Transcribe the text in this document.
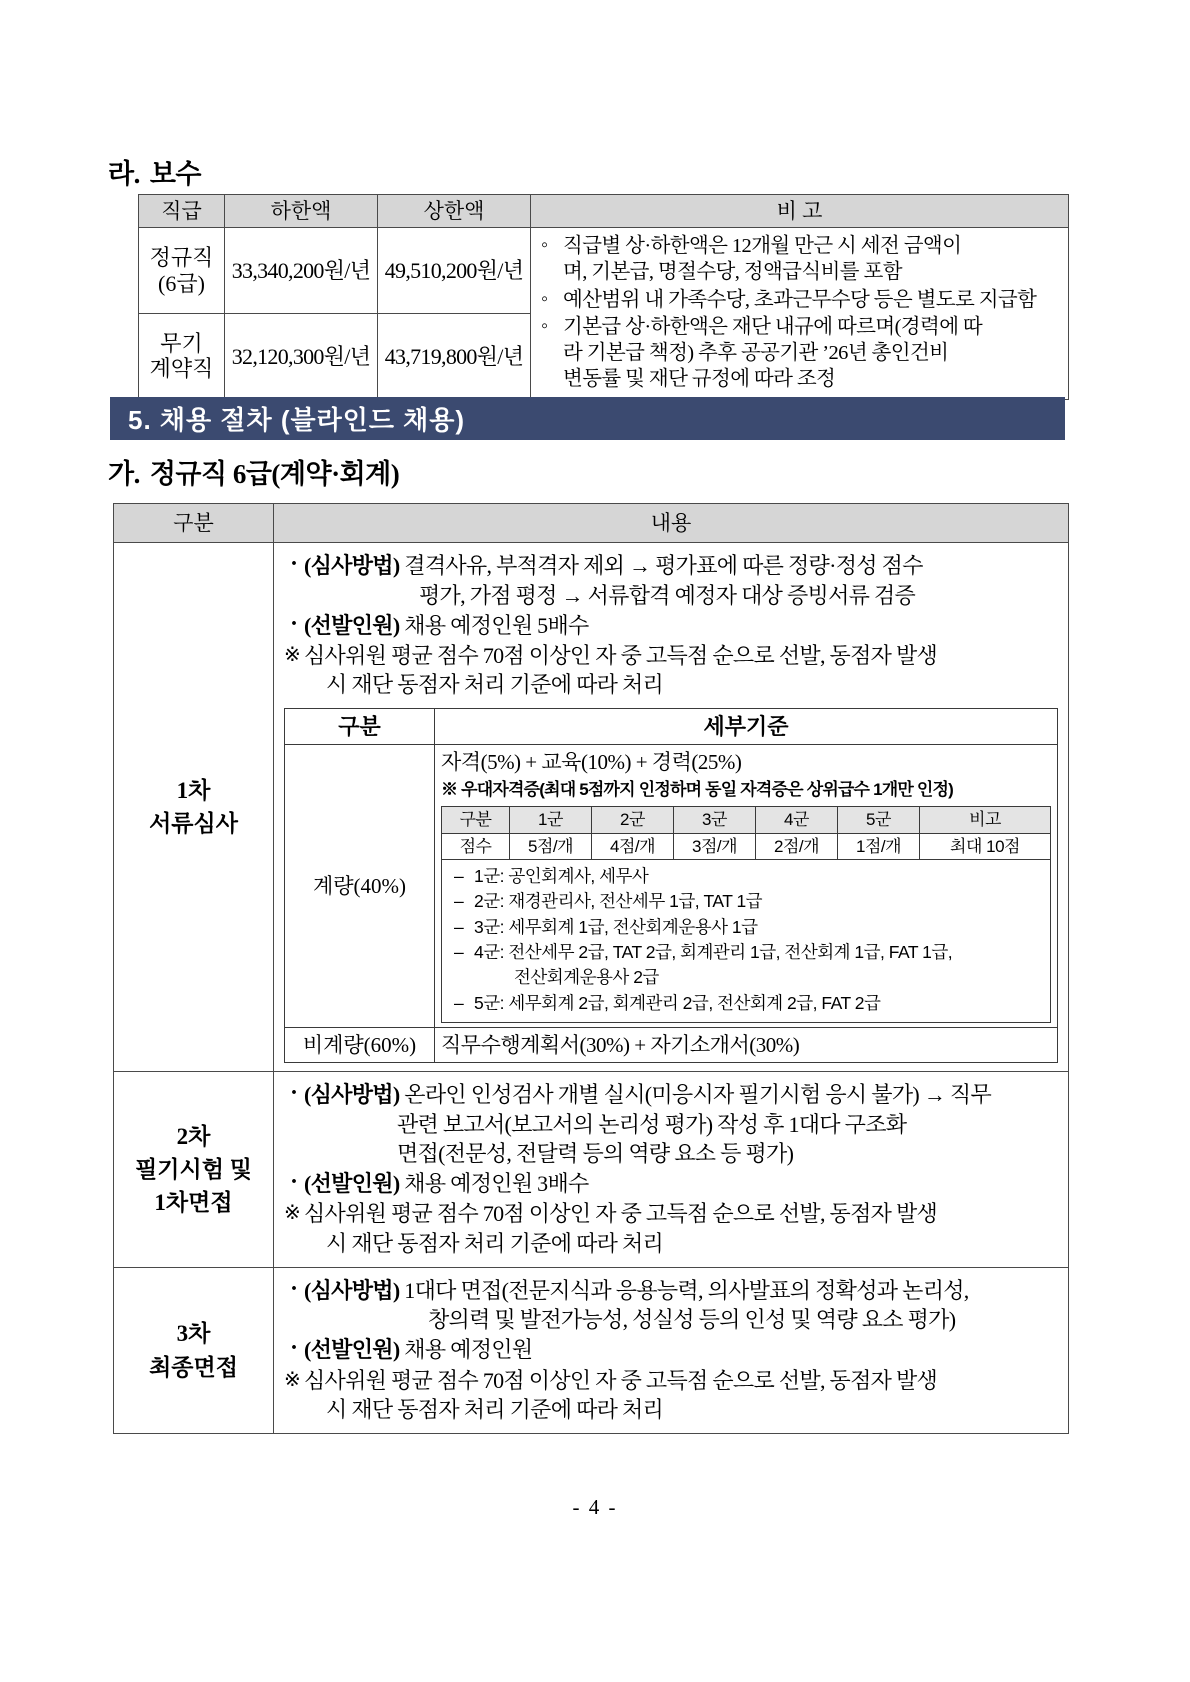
라. 보수
직급	하한액	상한액	비 고
정규직
(6급)	33,340,200원/년	49,510,200원/년	
◦ 직급별 상·하한액은 12개월 만근 시 세전 금액이
며, 기본급, 명절수당, 정액급식비를 포함
◦ 예산범위 내 가족수당, 초과근무수당 등은 별도로 지급함
◦ 기본급 상·하한액은 재단 내규에 따르며(경력에 따
라 기본급 책정) 추후 공공기관 ’26년 총인건비
변동률 및 재단 규정에 따라 조정

무기
계약직	32,120,300원/년	43,719,800원/년	
5. 채용 절차 (블라인드 채용)
가. 정규직 6급(계약·회계)
구분	내용
1차
서류심사	
· (심사방법) 결격사유, 부적격자 제외 → 평가표에 따른 정량·정성 점수
평가, 가점 평정 → 서류합격 예정자 대상 증빙서류 검증
· (선발인원) 채용 예정인원 5배수
※ 심사위원 평균 점수 70점 이상인 자 중 고득점 순으로 선발, 동점자 발생
시 재단 동점자 처리 기준에 따라 처리
구분	세부기준
계량(40%)	
자격(5%) + 교육(10%) + 경력(25%)
※ 우대자격증(최대 5점까지 인정하며 동일 자격증은 상위급수 1개만 인정)
구분	1군	2군	3군	4군	5군	비고
점수	5점/개	4점/개	3점/개	2점/개	1점/개	최대 10점
– 1군: 공인회계사, 세무사
– 2군: 재경관리사, 전산세무 1급, TAT 1급
– 3군: 세무회계 1급, 전산회계운용사 1급
– 4군: 전산세무 2급, TAT 2급, 회계관리 1급, 전산회계 1급, FAT 1급,
전산회계운용사 2급
– 5군: 세무회계 2급, 회계관리 2급, 전산회계 2급, FAT 2급

비계량(60%)	직무수행계획서(30%) + 자기소개서(30%)

2차
필기시험 및
1차면접	
· (심사방법) 온라인 인성검사 개별 실시(미응시자 필기시험 응시 불가) → 직무
관련 보고서(보고서의 논리성 평가) 작성 후 1대다 구조화
면접(전문성, 전달력 등의 역량 요소 등 평가)
· (선발인원) 채용 예정인원 3배수
※ 심사위원 평균 점수 70점 이상인 자 중 고득점 순으로 선발, 동점자 발생
시 재단 동점자 처리 기준에 따라 처리

3차
최종면접	
· (심사방법) 1대다 면접(전문지식과 응용능력, 의사발표의 정확성과 논리성,
창의력 및 발전가능성, 성실성 등의 인성 및 역량 요소 평가)
· (선발인원) 채용 예정인원
※ 심사위원 평균 점수 70점 이상인 자 중 고득점 순으로 선발, 동점자 발생
시 재단 동점자 처리 기준에 따라 처리
- 4 -
